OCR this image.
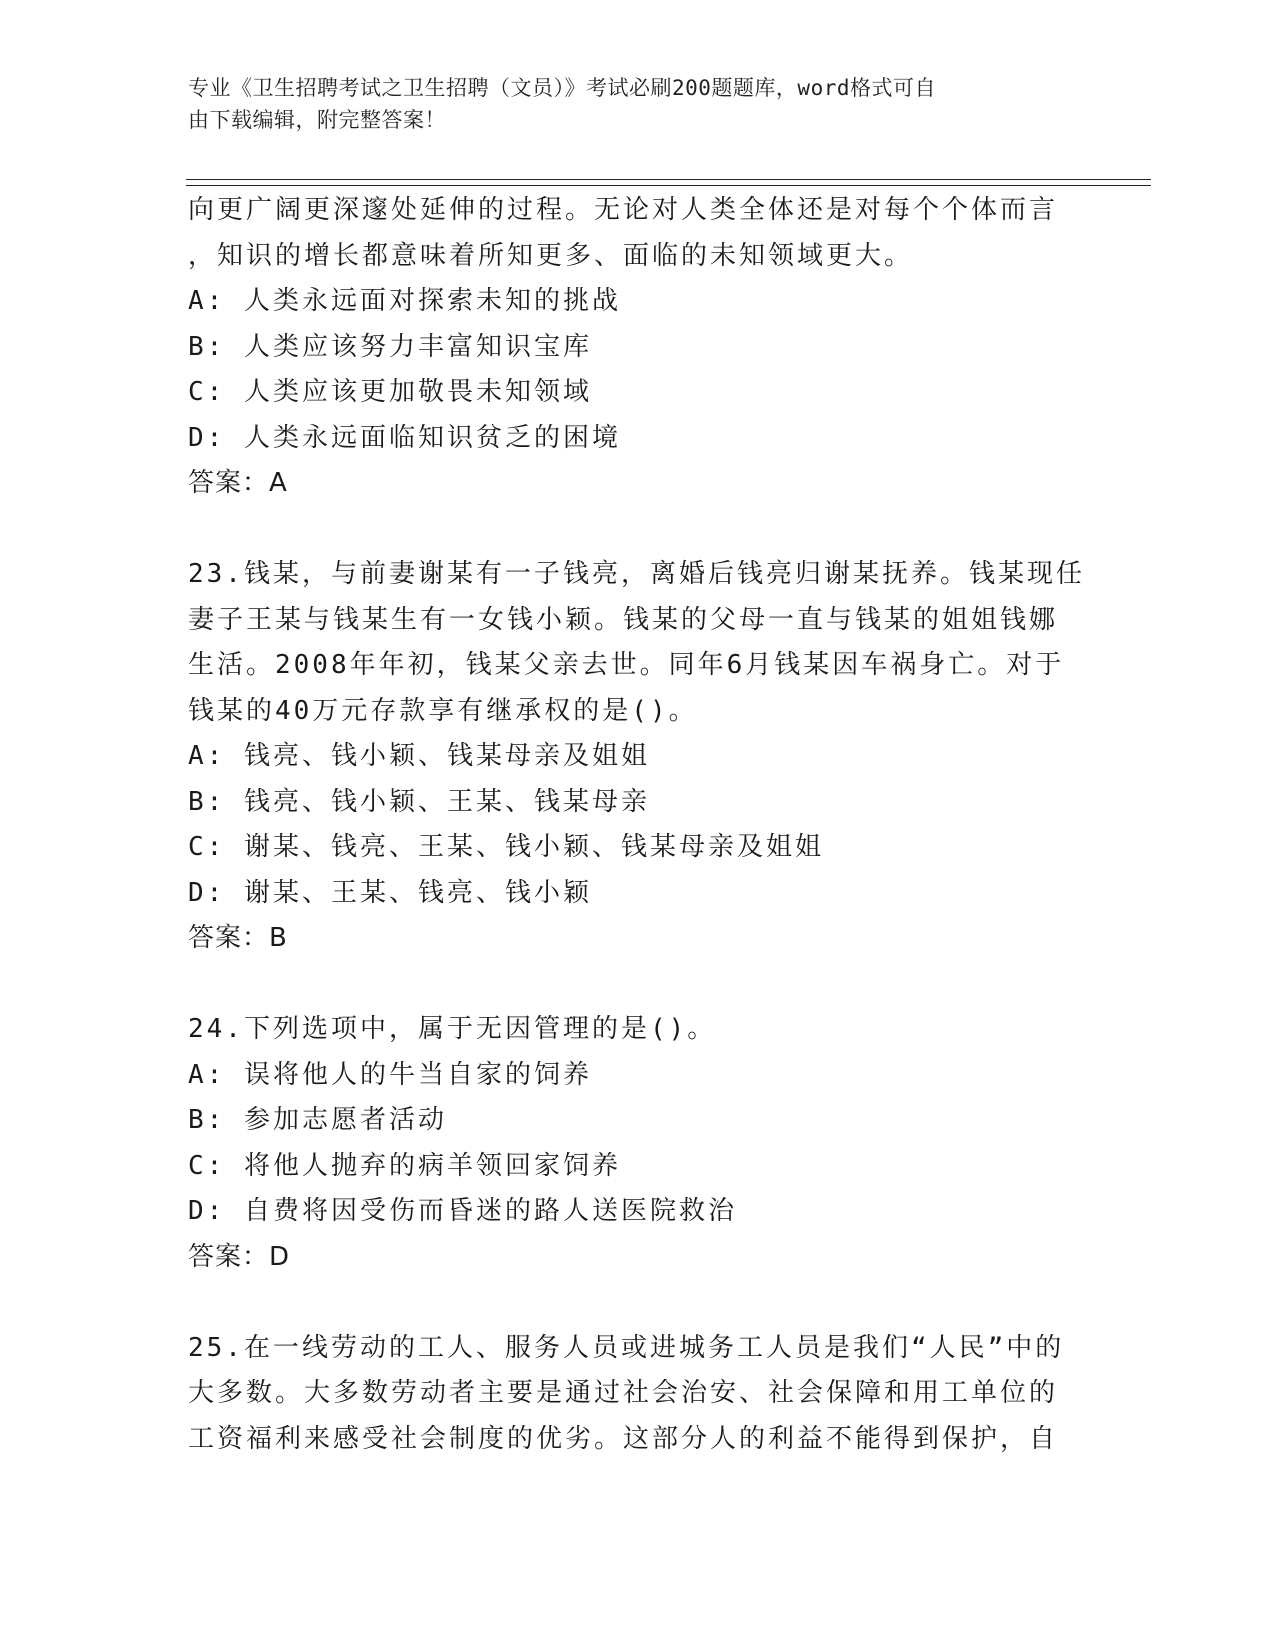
专业《卫生招聘考试之卫生招聘（文员）》考试必刷200题题库，word格式可自
由下载编辑，附完整答案！
向更广阔更深邃处延伸的过程。无论对人类全体还是对每个个体而言
，知识的增长都意味着所知更多、面临的未知领域更大。
A: 人类永远面对探索未知的挑战
B: 人类应该努力丰富知识宝库
C: 人类应该更加敬畏未知领域
D: 人类永远面临知识贫乏的困境
答案：A
23.钱某，与前妻谢某有一子钱亮，离婚后钱亮归谢某抚养。钱某现任
妻子王某与钱某生有一女钱小颖。钱某的父母一直与钱某的姐姐钱娜
生活。2008年年初，钱某父亲去世。同年6月钱某因车祸身亡。对于
钱某的40万元存款享有继承权的是()。
A: 钱亮、钱小颖、钱某母亲及姐姐
B: 钱亮、钱小颖、王某、钱某母亲
C: 谢某、钱亮、王某、钱小颖、钱某母亲及姐姐
D: 谢某、王某、钱亮、钱小颖
答案：B
24.下列选项中，属于无因管理的是()。
A: 误将他人的牛当自家的饲养
B: 参加志愿者活动
C: 将他人抛弃的病羊领回家饲养
D: 自费将因受伤而昏迷的路人送医院救治
答案：D
25.在一线劳动的工人、服务人员或进城务工人员是我们“人民”中的
大多数。大多数劳动者主要是通过社会治安、社会保障和用工单位的
工资福利来感受社会制度的优劣。这部分人的利益不能得到保护，自
